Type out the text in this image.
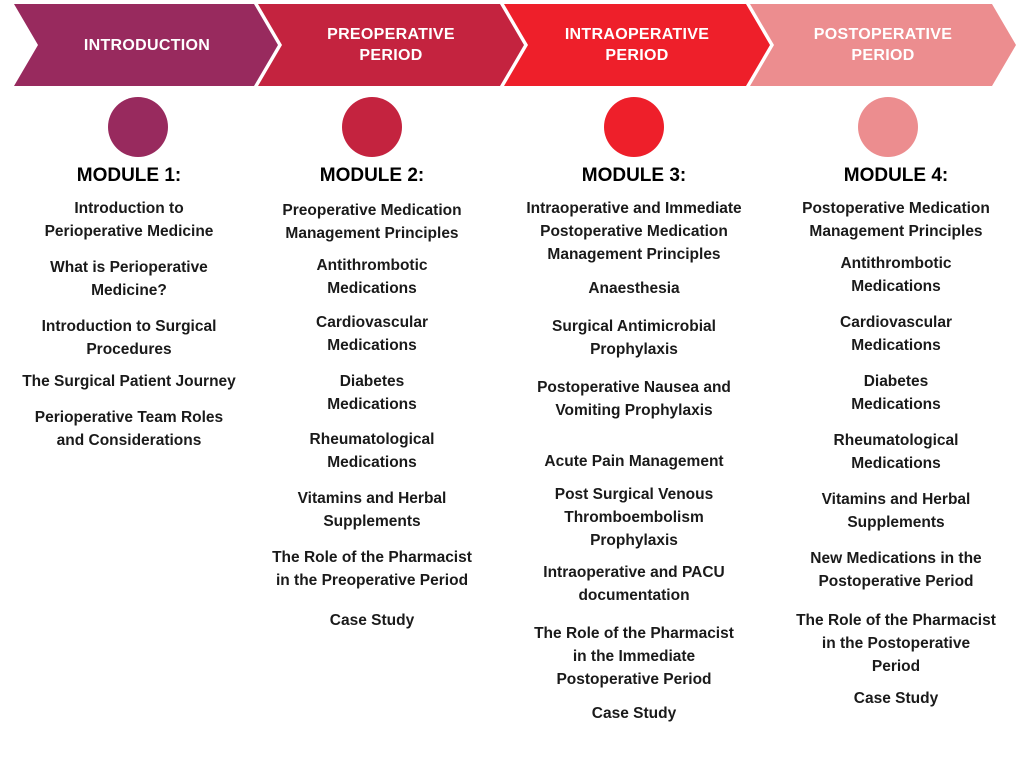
INTRODUCTION
PREOPERATIVE
PERIOD
INTRAOPERATIVE
PERIOD
POSTOPERATIVE
PERIOD
MODULE 1:
Introduction to
Perioperative Medicine
What is Perioperative
Medicine?
Introduction to Surgical
Procedures
The Surgical Patient Journey
Perioperative Team Roles
and Considerations
MODULE 2:
Preoperative Medication
Management Principles
Antithrombotic
Medications
Cardiovascular
Medications
Diabetes
Medications
Rheumatological
Medications
Vitamins and Herbal
Supplements
The Role of the Pharmacist
in the Preoperative Period
Case Study
MODULE 3:
Intraoperative and Immediate
Postoperative Medication
Management Principles
Anaesthesia
Surgical Antimicrobial
Prophylaxis
Postoperative Nausea and
Vomiting Prophylaxis
Acute Pain Management
Post Surgical Venous
Thromboembolism
Prophylaxis
Intraoperative and PACU
documentation
The Role of the Pharmacist
in the Immediate
Postoperative Period
Case Study
MODULE 4:
Postoperative Medication
Management Principles
Antithrombotic
Medications
Cardiovascular
Medications
Diabetes
Medications
Rheumatological
Medications
Vitamins and Herbal
Supplements
New Medications in the
Postoperative Period
The Role of the Pharmacist
in the Postoperative
Period
Case Study
